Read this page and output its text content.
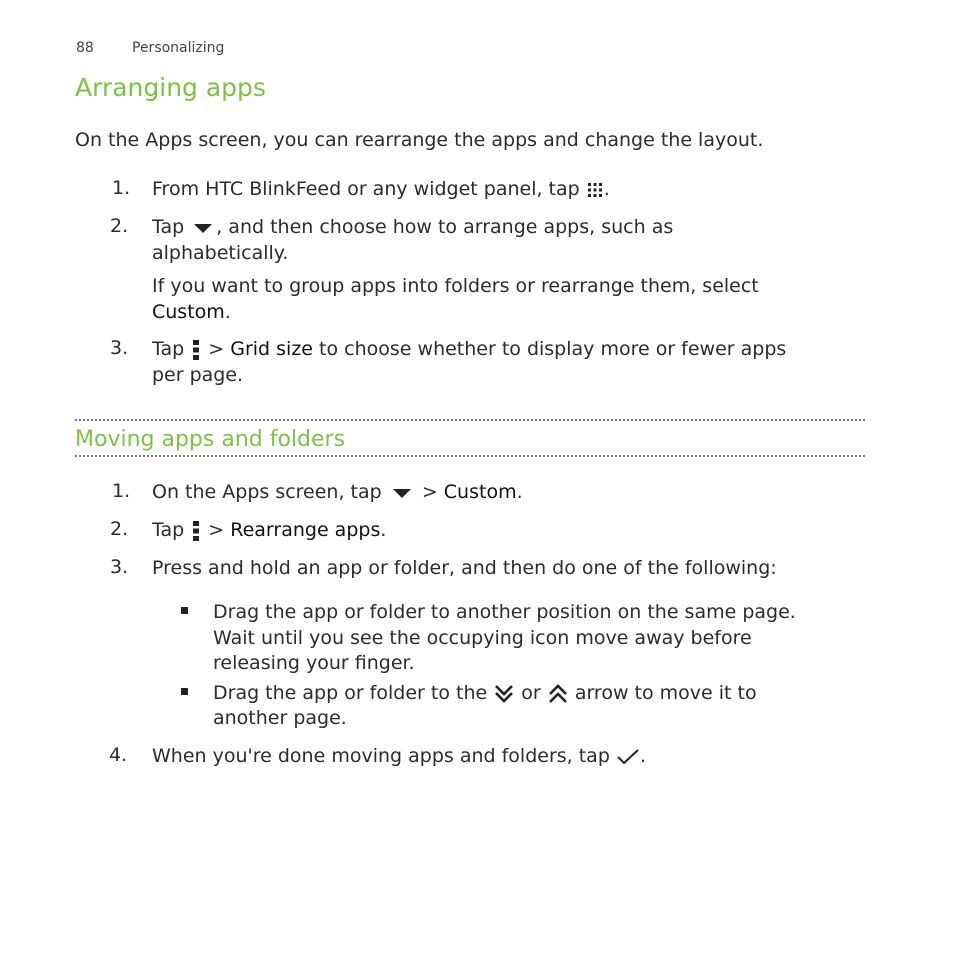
88	Personalizing
Arranging apps
On the Apps screen, you can rearrange the apps and change the layout.
1. From HTC BlinkFeed or any widget panel, tap .
2. Tap , and then choose how to arrange apps, such as
alphabetically.
If you want to group apps into folders or rearrange them, select
Custom.
3. Tap > Grid size to choose whether to display more or fewer apps
per page.
Moving apps and folders
1. On the Apps screen, tap > Custom.
2. Tap > Rearrange apps.
3. Press and hold an app or folder, and then do one of the following:
Drag the app or folder to another position on the same page.
Wait until you see the occupying icon move away before
releasing your finger.
Drag the app or folder to the or arrow to move it to
another page.
4. When you're done moving apps and folders, tap .
